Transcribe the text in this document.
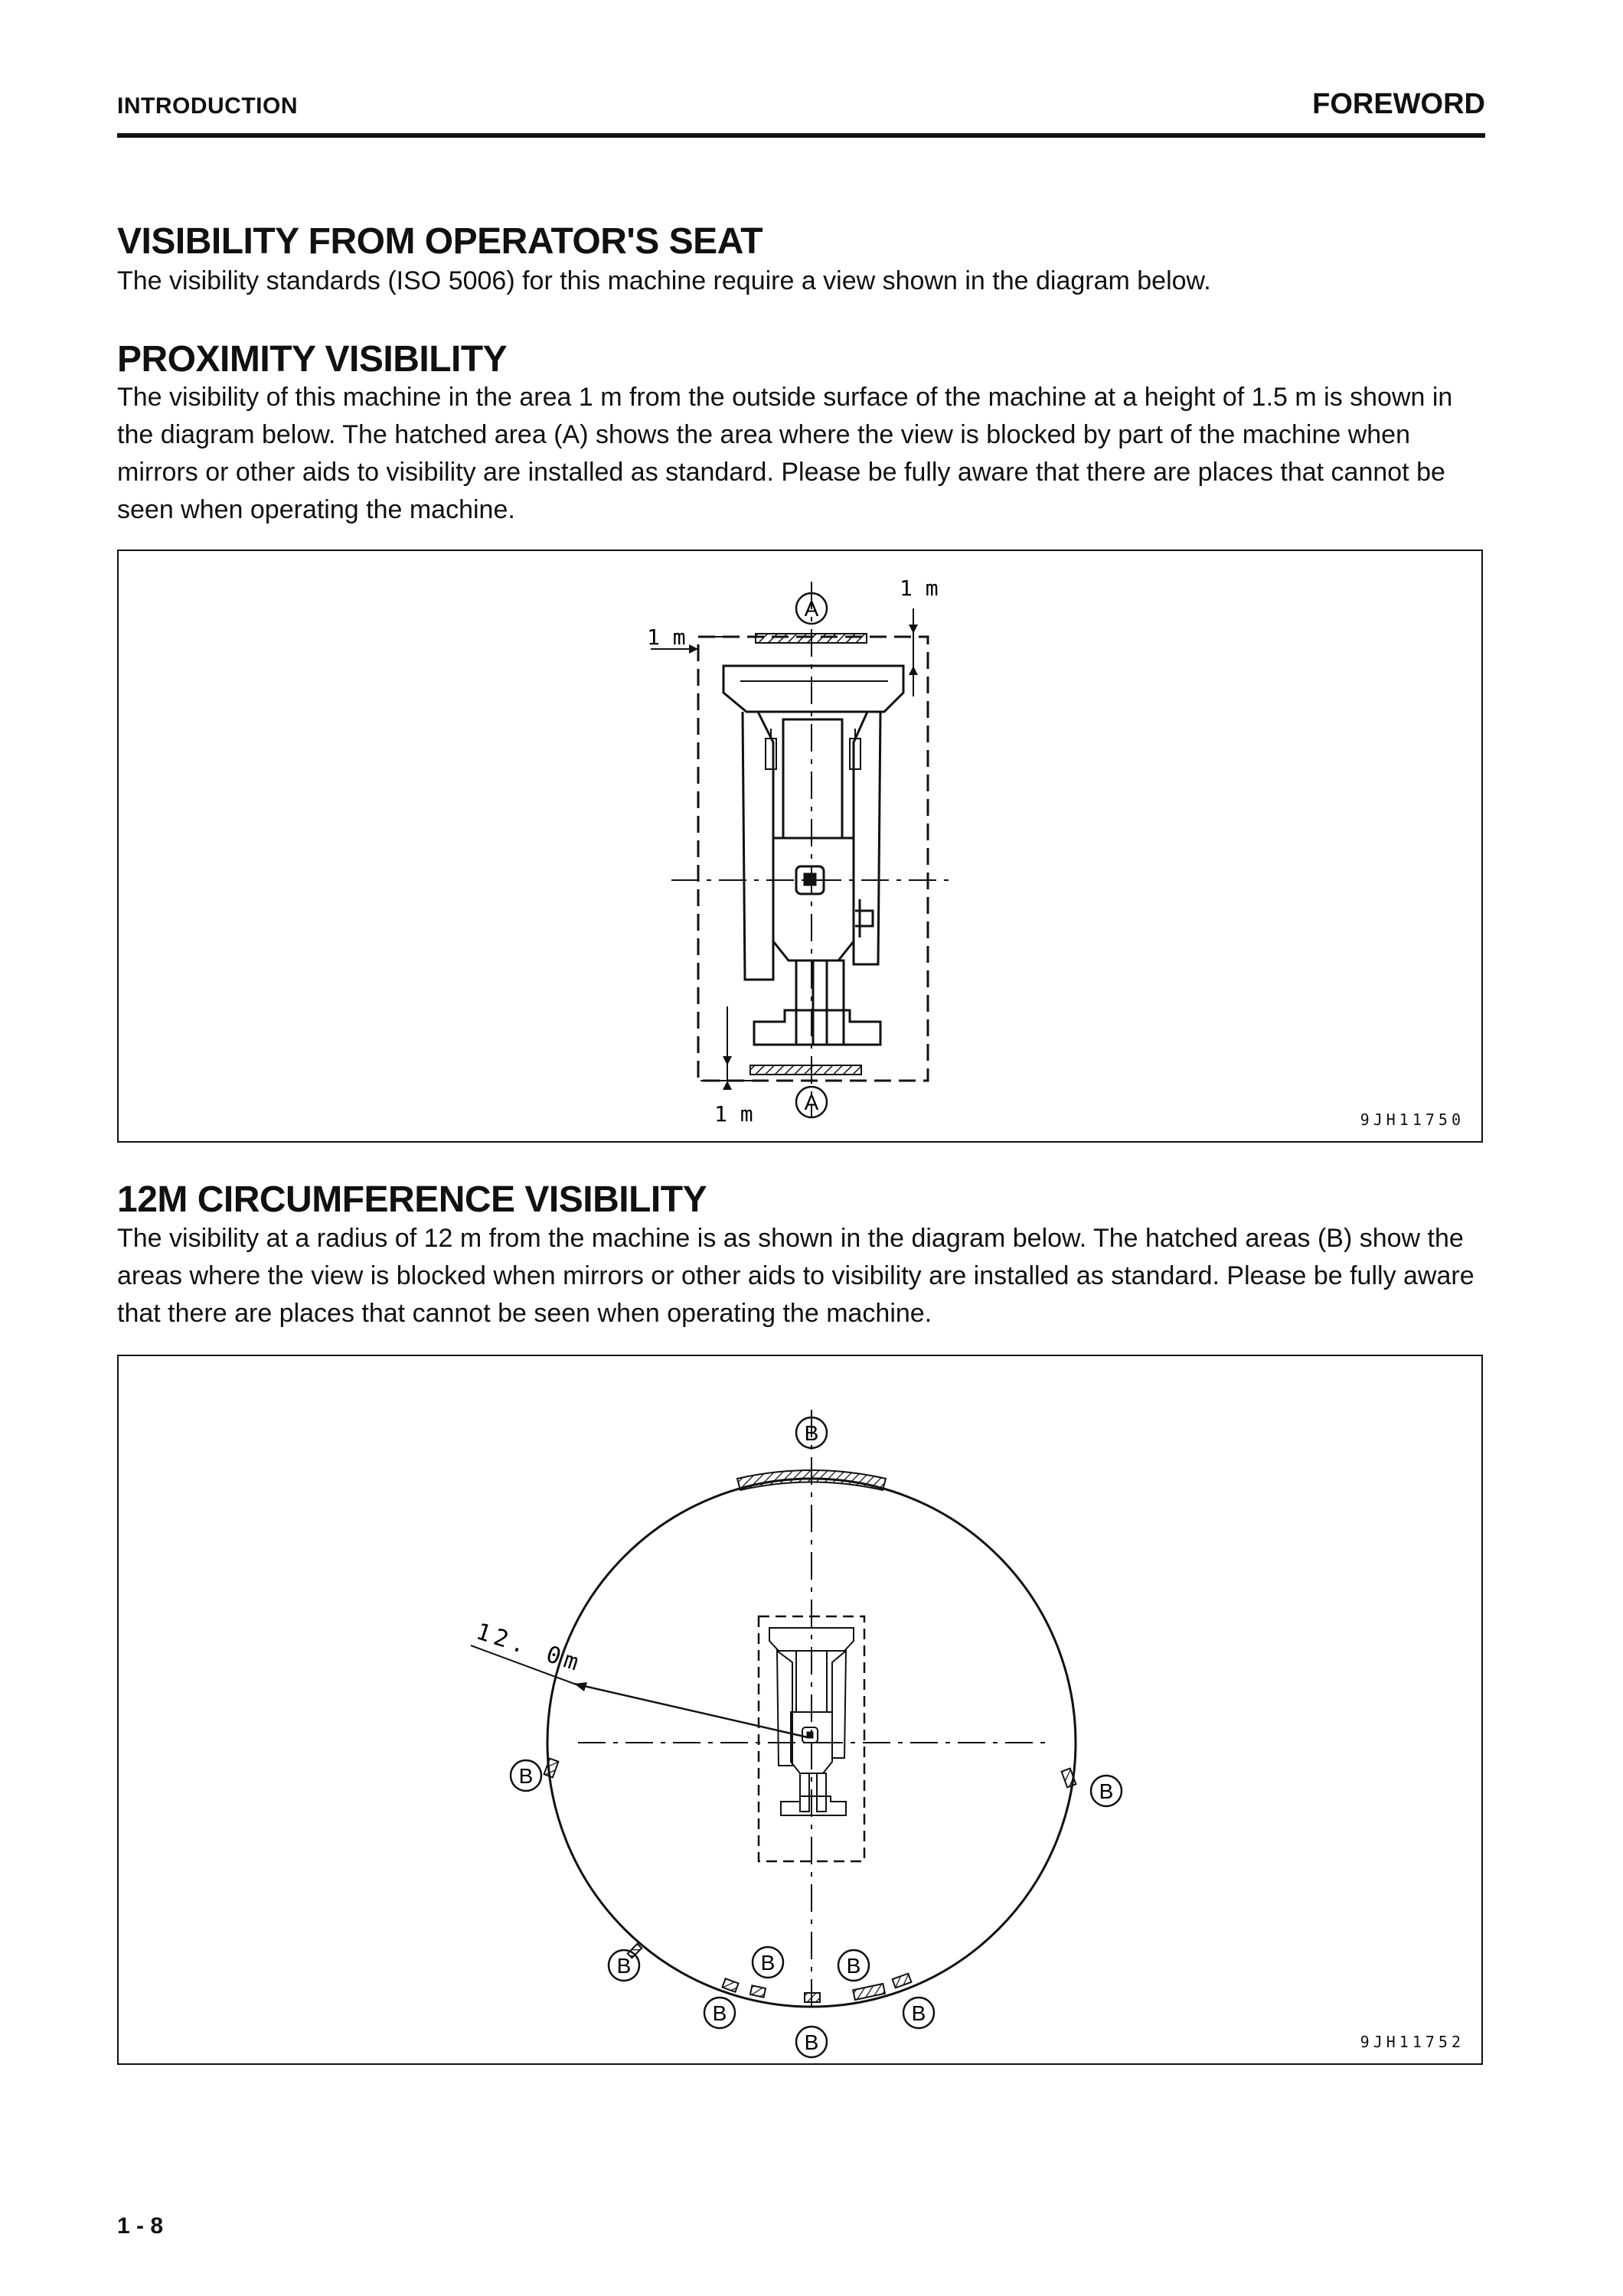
INTRODUCTION	FOREWORD
VISIBILITY FROM OPERATOR'S SEAT
The visibility standards (ISO 5006) for this machine require a view shown in the diagram below.
PROXIMITY VISIBILITY
The visibility of this machine in the area 1 m from the outside surface of the machine at a height of 1.5 m is shown in the diagram below. The hatched area (A) shows the area where the view is blocked by part of the machine when mirrors or other aids to visibility are installed as standard. Please be fully aware that there are places that cannot be seen when operating the machine.
A
A
1 m
1 m
1 m	9JH11750
12M CIRCUMFERENCE VISIBILITY
The visibility at a radius of 12 m from the machine is as shown in the diagram below. The hatched areas (B) show the areas where the view is blocked when mirrors or other aids to visibility are installed as standard. Please be fully aware that there are places that cannot be seen when operating the machine.
B
B
B
B	B	B
B
B
B
12. 0m
9JH11752
1 - 8
